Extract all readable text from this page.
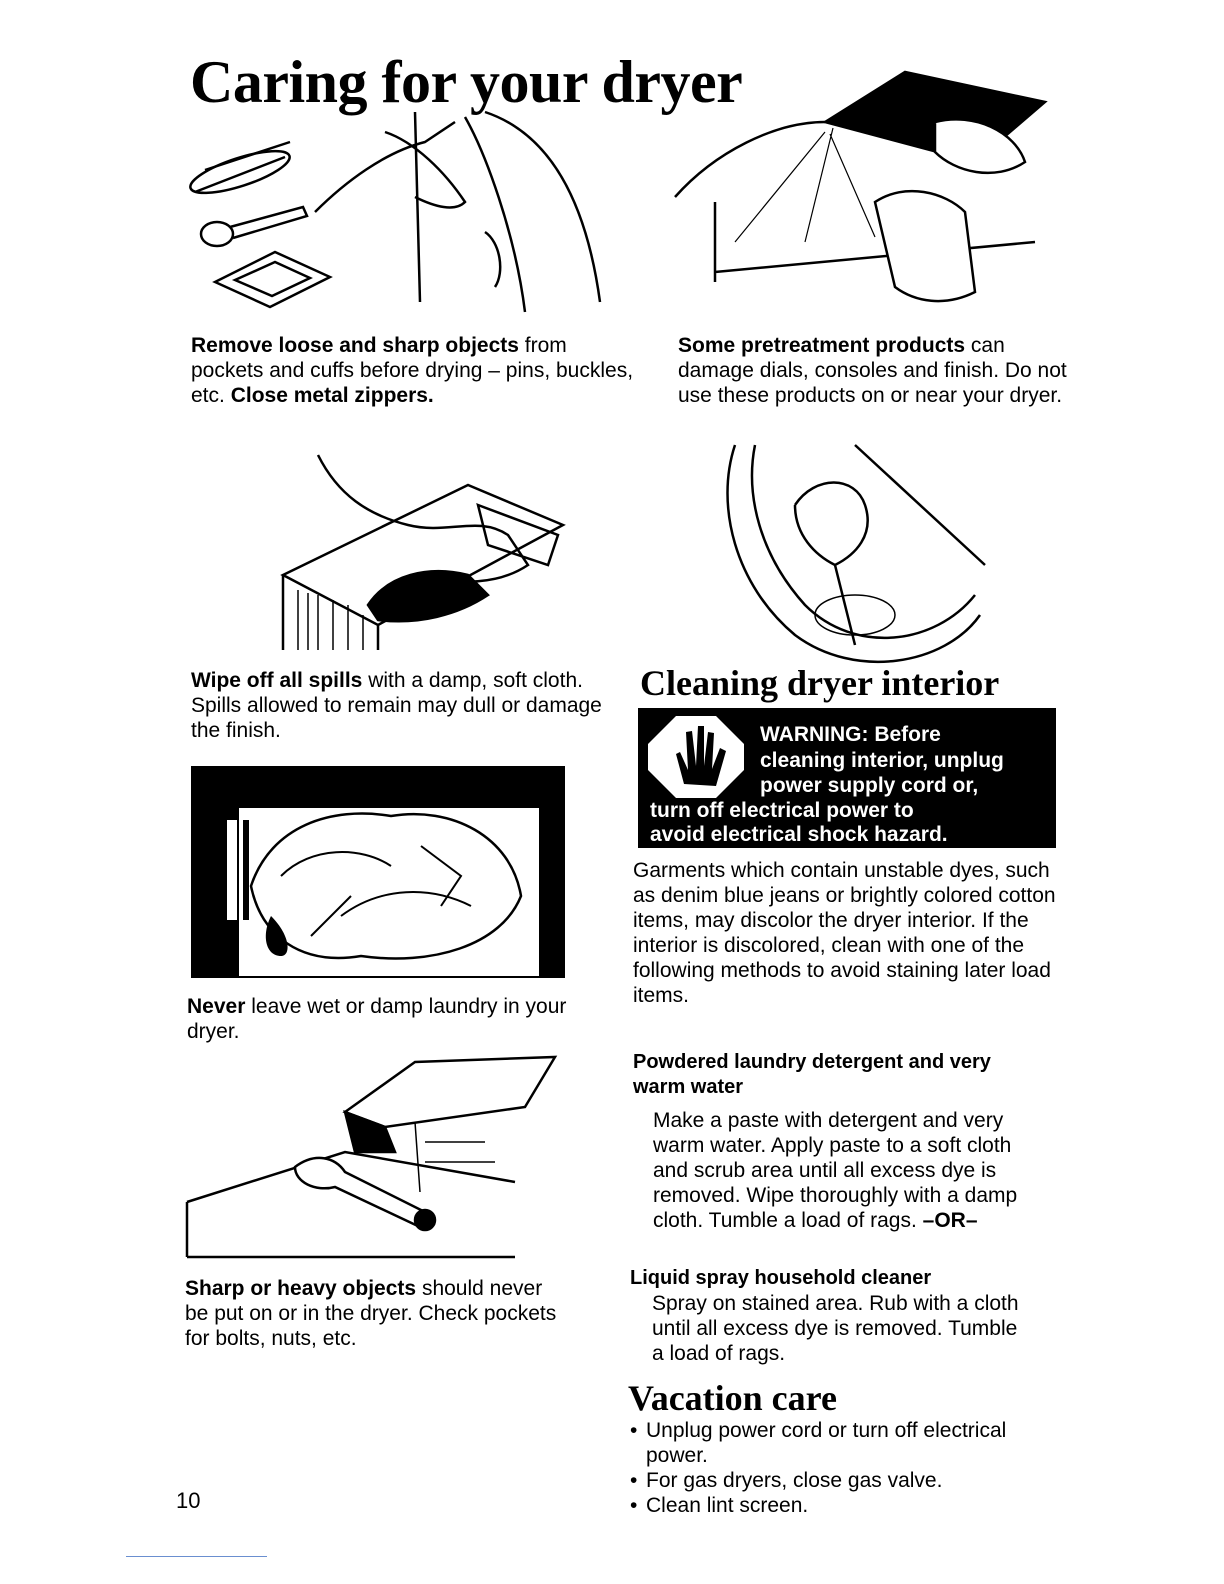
Caring for your dryer
Remove loose and sharp objects from pockets and cuffs before drying – pins, buckles, etc. Close metal zippers.
Some pretreatment products can damage dials, consoles and finish. Do not use these products on or near your dryer.
Wipe off all spills with a damp, soft cloth. Spills allowed to remain may dull or damage the finish.
Cleaning dryer interior
WARNING: Before
cleaning interior, unplug
power supply cord or,
turn off electrical power to
avoid electrical shock hazard.
Garments which contain unstable dyes, such as denim blue jeans or brightly colored cotton items, may discolor the dryer interior. If the interior is discolored, clean with one of the following methods to avoid staining later load items.
Never leave wet or damp laundry in your dryer.
Powdered laundry detergent and very warm water
Make a paste with detergent and very warm water. Apply paste to a soft cloth and scrub area until all excess dye is removed. Wipe thoroughly with a damp cloth. Tumble a load of rags. –OR–
Liquid spray household cleaner
Spray on stained area. Rub with a cloth until all excess dye is removed. Tumble a load of rags.
Sharp or heavy objects should never be put on or in the dryer. Check pockets for bolts, nuts, etc.
Vacation care
• Unplug power cord or turn off electrical power.
• For gas dryers, close gas valve.
• Clean lint screen.
10
